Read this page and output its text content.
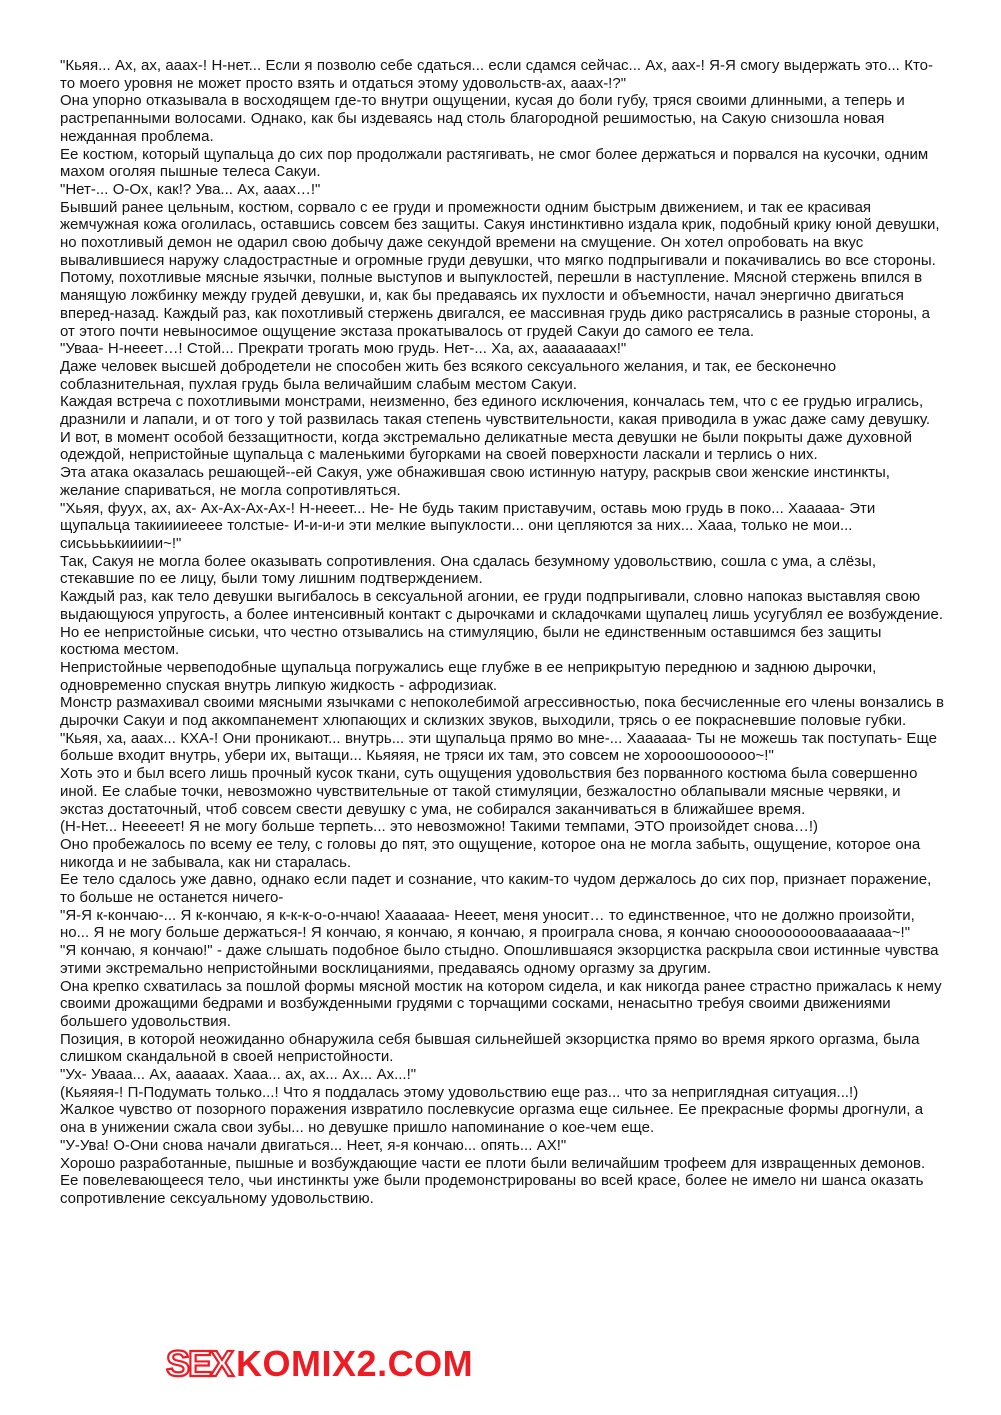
"Кьяя... Ах, ах, ааах-! Н-нет... Если я позволю себе сдаться... если сдамся сейчас... Ах, аах-! Я-Я смогу выдержать это... Кто-то моего уровня не может просто взять и отдаться этому удовольств-ах, ааах-!?"

Она упорно отказывала в восходящем где-то внутри ощущении, кусая до боли губу, тряся своими длинными, а теперь и растрепанными волосами. Однако, как бы издеваясь над столь благородной решимостью, на Сакую снизошла новая нежданная проблема.

Ее костюм, который щупальца до сих пор продолжали растягивать, не смог более держаться и порвался на кусочки, одним махом оголяя пышные телеса Сакуи.

"Нет-... О-Ох, как!? Ува... Ах, ааах…!"

Бывший ранее цельным, костюм, сорвало с ее груди и промежности одним быстрым движением, и так ее красивая жемчужная кожа оголилась, оставшись совсем без защиты. Сакуя инстинктивно издала крик, подобный крику юной девушки, но похотливый демон не одарил свою добычу даже секундой времени на смущение. Он хотел опробовать на вкус вывалившиеся наружу сладострастные и огромные груди девушки, что мягко подпрыгивали и покачивались во все стороны. Потому, похотливые мясные язычки, полные выступов и выпуклостей, перешли в наступление. Мясной стержень впился в манящую ложбинку между грудей девушки, и, как бы предаваясь их пухлости и объемности, начал энергично двигаться вперед-назад. Каждый раз, как похотливый стержень двигался, ее массивная грудь дико растрясались в разные стороны, а от этого почти невыносимое ощущение экстаза прокатывалось от грудей Сакуи до самого ее тела.

"Уваа- Н-нееет…! Стой... Прекрати трогать мою грудь. Нет-... Ха, ах, аааааааах!"

Даже человек высшей добродетели не способен жить без всякого сексуального желания, и так, ее бесконечно соблазнительная, пухлая грудь была величайшим слабым местом Сакуи.

Каждая встреча с похотливыми монстрами, неизменно, без единого исключения, кончалась тем, что с ее грудью игрались, дразнили и лапали, и от того у той развилась такая степень чувствительности, какая приводила в ужас даже саму девушку.

И вот, в момент особой беззащитности, когда экстремально деликатные места девушки не были покрыты даже духовной одеждой, непристойные щупальца с маленькими бугорками на своей поверхности ласкали и терлись о них.

Эта атака оказалась решающей--ей Сакуя, уже обнажившая свою истинную натуру, раскрыв свои женские инстинкты, желание спариваться, не могла сопротивляться.

"Хьяя, фуух, ах, ах- Ах-Ах-Ах-Ах-! Н-нееет... Не- Не будь таким приставучим, оставь мою грудь в поко... Хааааа- Эти щупальца такииииееее толстые- И-и-и-и эти мелкие выпуклости... они цепляются за них... Хааа, только не мои... сисьььькиииии~!"

Так, Сакуя не могла более оказывать сопротивления. Она сдалась безумному удовольствию, сошла с ума, а слёзы, стекавшие по ее лицу, были тому лишним подтверждением.

Каждый раз, как тело девушки выгибалось в сексуальной агонии, ее груди подпрыгивали, словно напоказ выставляя свою выдающуюся упругость, а более интенсивный контакт с дырочками и складочками щупалец лишь усугублял ее возбуждение.

Но ее непристойные сиськи, что честно отзывались на стимуляцию, были не единственным оставшимся без защиты костюма местом.

Непристойные червеподобные щупальца погружались еще глубже в ее неприкрытую переднюю и заднюю дырочки, одновременно спуская внутрь липкую жидкость - афродизиак.

Монстр размахивал своими мясными язычками с непоколебимой агрессивностью, пока бесчисленные его члены вонзались в дырочки Сакуи и под аккомпанемент хлюпающих и склизких звуков, выходили, трясь о ее покрасневшие половые губки.

"Кьяя, ха, ааах... КХА-! Они проникают... внутрь... эти щупальца прямо во мне-... Хаааааа- Ты не можешь так поступать- Еще больше входит внутрь, убери их, вытащи... Кьяяяя, не тряси их там, это совсем не хорооошоооооо~!"

Хоть это и был всего лишь прочный кусок ткани, суть ощущения удовольствия без порванного костюма была совершенно иной. Ее слабые точки, невозможно чувствительные от такой стимуляции, безжалостно облапывали мясные червяки, и экстаз достаточный, чтоб совсем свести девушку с ума, не собирался заканчиваться в ближайшее время.

(Н-Нет... Нееееет! Я не могу больше терпеть... это невозможно! Такими темпами, ЭТО произойдет снова…!)

Оно пробежалось по всему ее телу, с головы до пят, это ощущение, которое она не могла забыть, ощущение, которое она никогда и не забывала, как ни старалась.

Ее тело сдалось уже давно, однако если падет и сознание, что каким-то чудом держалось до сих пор, признает поражение, то больше не останется ничего-

"Я-Я к-кончаю-... Я к-кончаю, я к-к-к-о-о-нчаю! Хаааааа- Нееет, меня уносит… то единственное, что не должно произойти, но... Я не могу больше держаться-! Я кончаю, я кончаю, я кончаю, я проиграла снова, я кончаю снооооооооовааааааа~!"

"Я кончаю, я кончаю!" - даже слышать подобное было стыдно. Опошлившаяся экзорцистка раскрыла свои истинные чувства этими экстремально непристойными восклицаниями, предаваясь одному оргазму за другим.

Она крепко схватилась за пошлой формы мясной мостик на котором сидела, и как никогда ранее страстно прижалась к нему своими дрожащими бедрами и возбужденными грудями с торчащими сосками, ненасытно требуя своими движениями большего удовольствия.

Позиция, в которой неожиданно обнаружила себя бывшая сильнейшей экзорцистка прямо во время яркого оргазма, была слишком скандальной в своей непристойности.

"Ух- Увааа... Ах, ааааах. Хааа... ах, ах... Ах... Ах...!"

(Кьяяяя-! П-Подумать только...! Что я поддалась этому удовольствию еще раз... что за неприглядная ситуация...!)

Жалкое чувство от позорного поражения извратило послевкусие оргазма еще сильнее. Ее прекрасные формы дрогнули, а она в унижении сжала свои зубы... но девушке пришло напоминание о кое-чем еще.

"У-Ува! О-Они снова начали двигаться... Неет, я-я кончаю... опять... АХ!"

Хорошо разработанные, пышные и возбуждающие части ее плоти были величайшим трофеем для извращенных демонов. Ее повелевающееся тело, чьи инстинкты уже были продемонстрированы во всей красе, более не имело ни шанса оказать сопротивление сексуальному удовольствию.

SEX KOMIX2.COM
